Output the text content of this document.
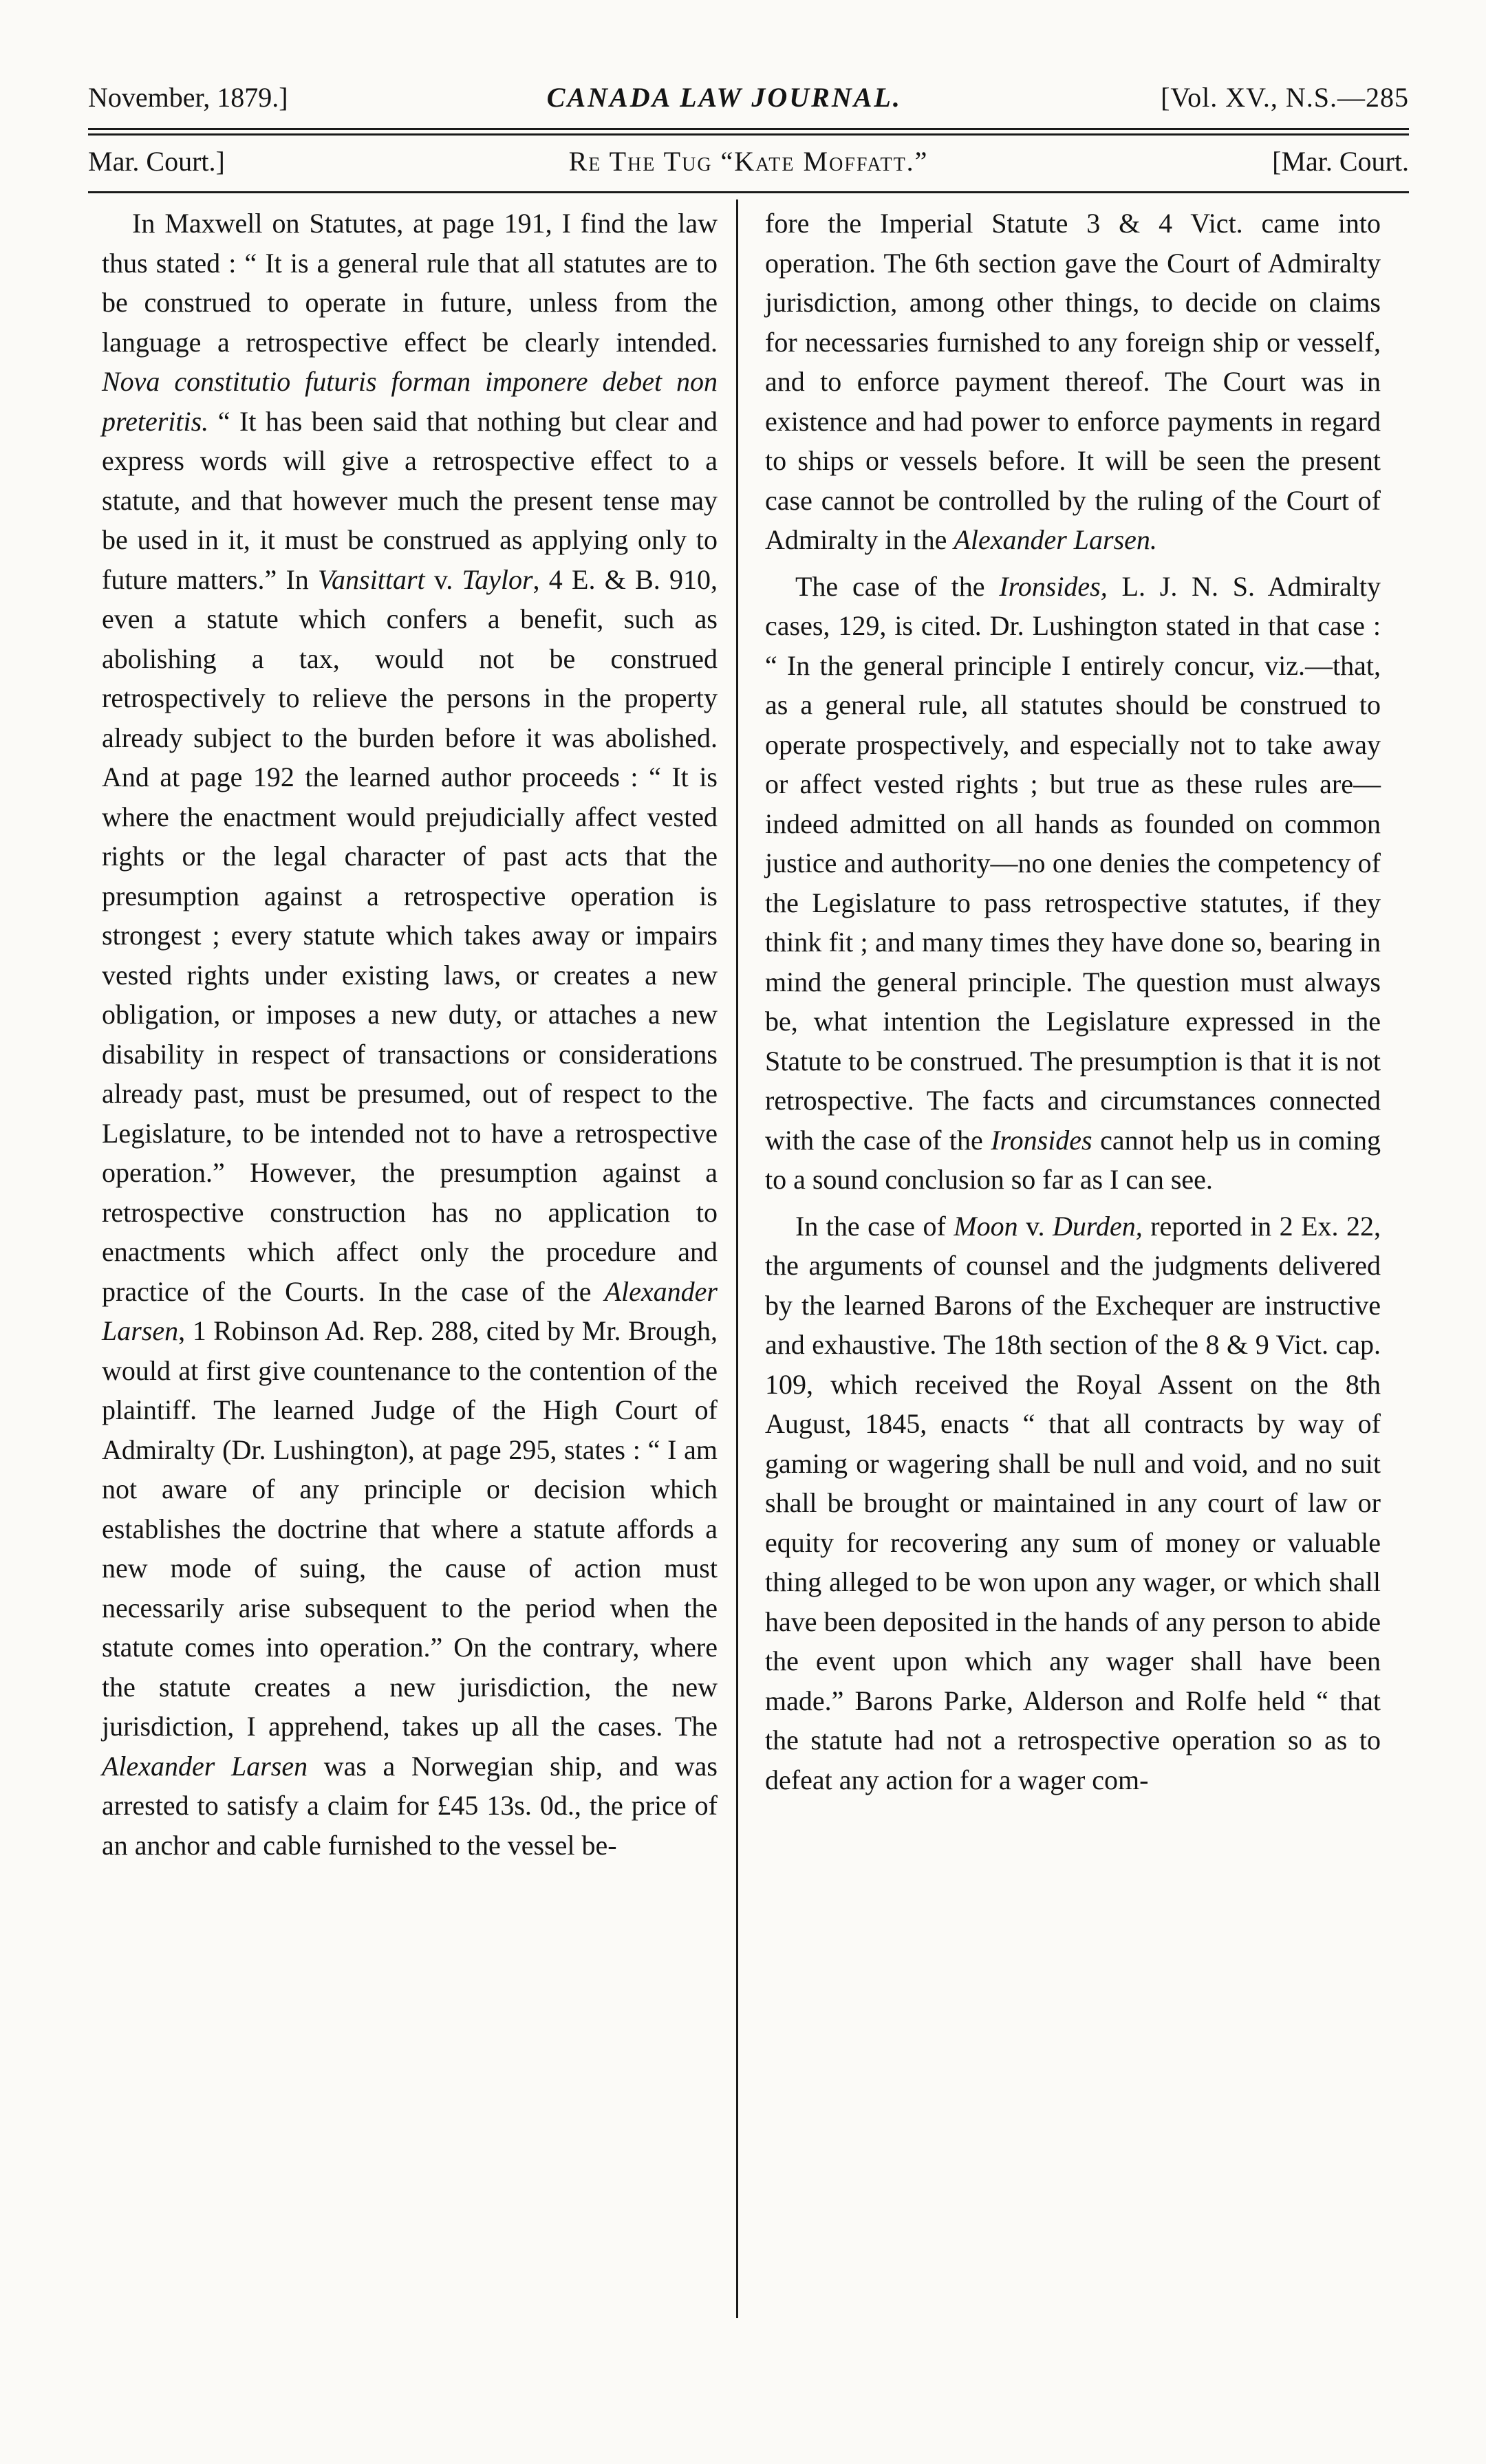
November, 1879.]	CANADA LAW JOURNAL.	[Vol. XV., N.S.—285
Mar. Court.]	Re The Tug “Kate Moffatt.”	[Mar. Court.

In Maxwell on Statutes, at page 191, I find the law thus stated : “ It is a general rule that all statutes are to be construed to operate in future, unless from the language a retrospective effect be clearly intended. Nova constitutio futuris forman imponere debet non preteritis. “ It has been said that nothing but clear and express words will give a retrospective effect to a statute, and that however much the present tense may be used in it, it must be construed as applying only to future matters.” In Vansittart v. Taylor, 4 E. & B. 910, even a statute which confers a benefit, such as abolishing a tax, would not be construed retrospectively to relieve the persons in the property already subject to the burden before it was abolished. And at page 192 the learned author proceeds : “ It is where the enactment would prejudicially affect vested rights or the legal character of past acts that the presumption against a retrospective operation is strongest ; every statute which takes away or impairs vested rights under existing laws, or creates a new obligation, or imposes a new duty, or attaches a new disability in respect of transactions or considerations already past, must be presumed, out of respect to the Legislature, to be intended not to have a retrospective operation.” However, the presumption against a retrospective construction has no application to enactments which affect only the procedure and practice of the Courts. In the case of the Alexander Larsen, 1 Robinson Ad. Rep. 288, cited by Mr. Brough, would at first give countenance to the contention of the plaintiff. The learned Judge of the High Court of Admiralty (Dr. Lushington), at page 295, states : “ I am not aware of any principle or decision which establishes the doctrine that where a statute affords a new mode of suing, the cause of action must necessarily arise subsequent to the period when the statute comes into operation.” On the contrary, where the statute creates a new jurisdiction, the new jurisdiction, I apprehend, takes up all the cases. The Alexander Larsen was a Norwegian ship, and was arrested to satisfy a claim for £45 13s. 0d., the price of an anchor and cable furnished to the vessel be-

fore the Imperial Statute 3 & 4 Vict. came into operation. The 6th section gave the Court of Admiralty jurisdiction, among other things, to decide on claims for necessaries furnished to any foreign ship or vesself, and to enforce payment thereof. The Court was in existence and had power to enforce payments in regard to ships or vessels before. It will be seen the present case cannot be controlled by the ruling of the Court of Admiralty in the Alexander Larsen.

The case of the Ironsides, L. J. N. S. Admiralty cases, 129, is cited. Dr. Lushington stated in that case : “ In the general principle I entirely concur, viz.—that, as a general rule, all statutes should be construed to operate prospectively, and especially not to take away or affect vested rights ; but true as these rules are—indeed admitted on all hands as founded on common justice and authority—no one denies the competency of the Legislature to pass retrospective statutes, if they think fit ; and many times they have done so, bearing in mind the general principle. The question must always be, what intention the Legislature expressed in the Statute to be construed. The presumption is that it is not retrospective. The facts and circumstances connected with the case of the Ironsides cannot help us in coming to a sound conclusion so far as I can see.

In the case of Moon v. Durden, reported in 2 Ex. 22, the arguments of counsel and the judgments delivered by the learned Barons of the Exchequer are instructive and exhaustive. The 18th section of the 8 & 9 Vict. cap. 109, which received the Royal Assent on the 8th August, 1845, enacts “ that all contracts by way of gaming or wagering shall be null and void, and no suit shall be brought or maintained in any court of law or equity for recovering any sum of money or valuable thing alleged to be won upon any wager, or which shall have been deposited in the hands of any person to abide the event upon which any wager shall have been made.” Barons Parke, Alderson and Rolfe held “ that the statute had not a retrospective operation so as to defeat any action for a wager com-
